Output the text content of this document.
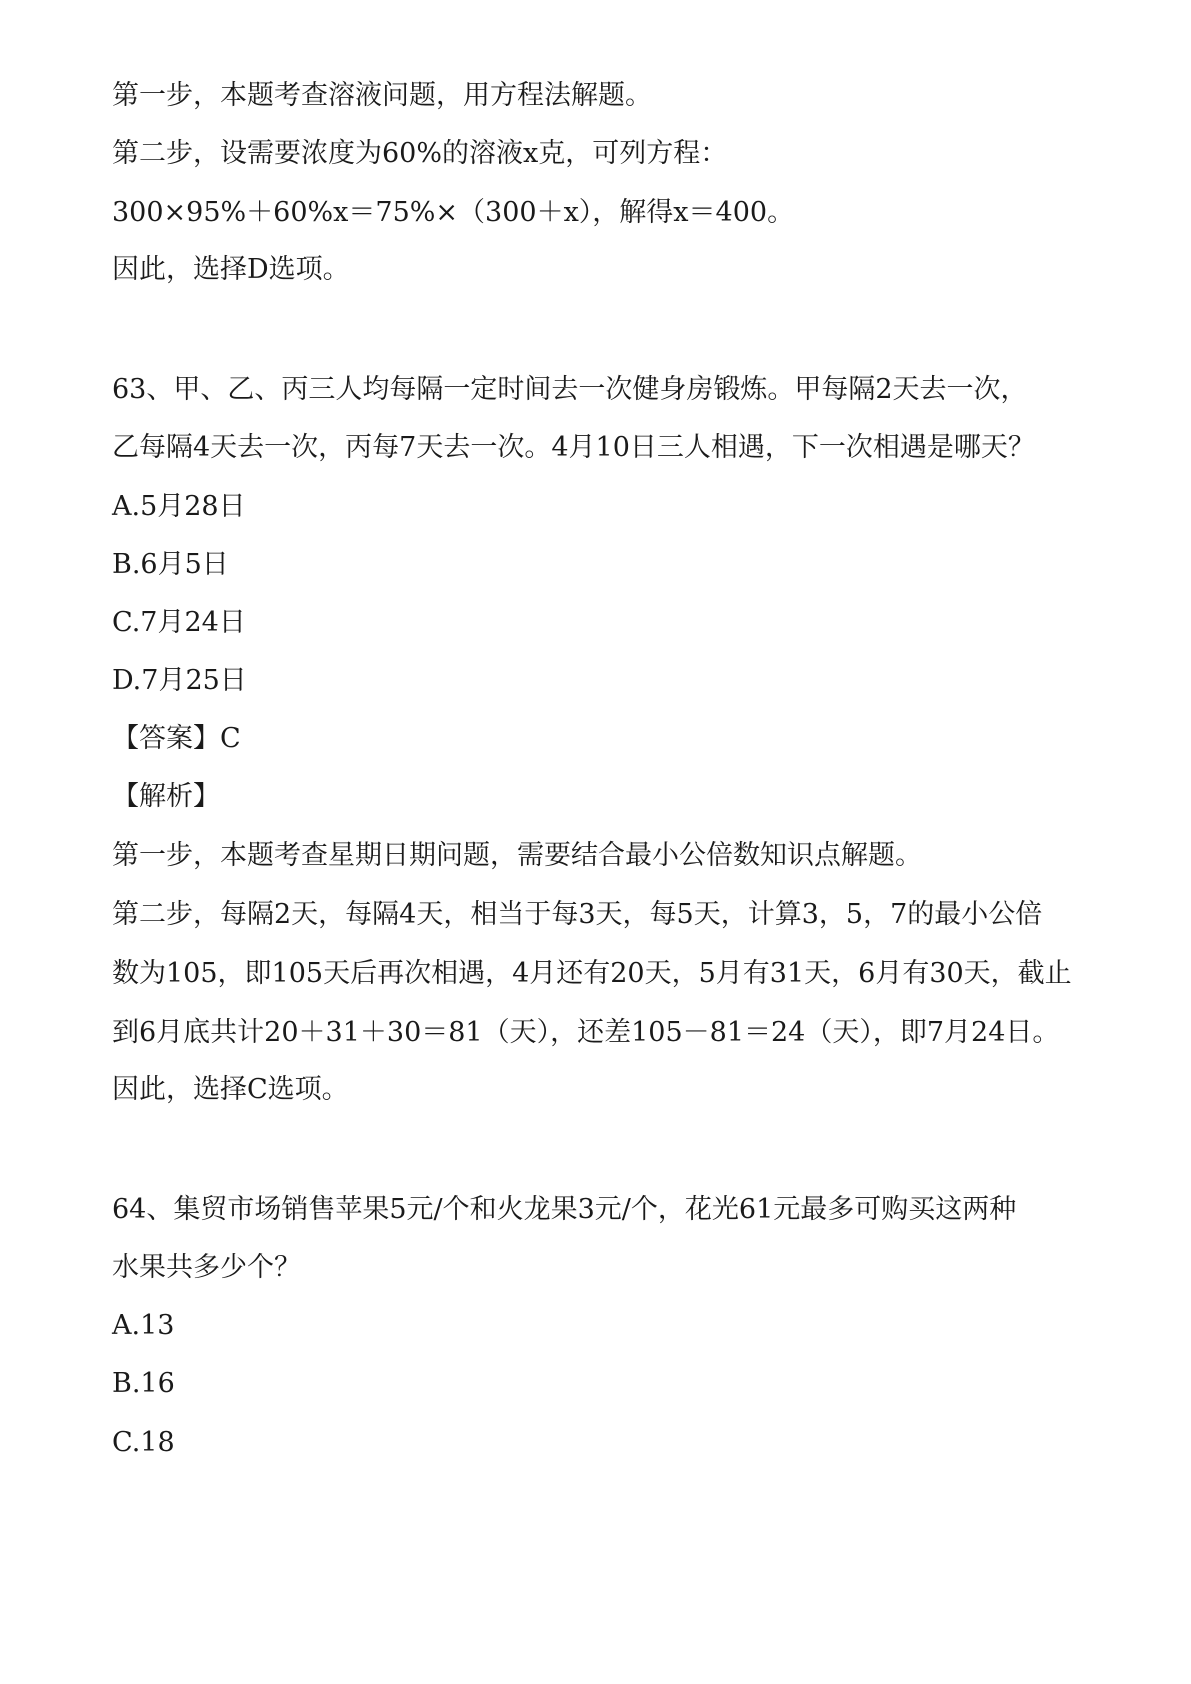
第一步，本题考查溶液问题，用方程法解题。
第二步，设需要浓度为60%的溶液x克，可列方程：
300×95%＋60%x＝75%×（300＋x），解得x＝400。
因此，选择D选项。
63、甲、乙、丙三人均每隔一定时间去一次健身房锻炼。甲每隔2天去一次，
乙每隔4天去一次，丙每7天去一次。4月10日三人相遇，下一次相遇是哪天？
A.5月28日
B.6月5日
C.7月24日
D.7月25日
【答案】C
【解析】
第一步，本题考查星期日期问题，需要结合最小公倍数知识点解题。
第二步，每隔2天，每隔4天，相当于每3天，每5天，计算3，5，7的最小公倍
数为105，即105天后再次相遇，4月还有20天，5月有31天，6月有30天，截止
到6月底共计20＋31＋30＝81（天），还差105－81＝24（天），即7月24日。
因此，选择C选项。
64、集贸市场销售苹果5元/个和火龙果3元/个，花光61元最多可购买这两种
水果共多少个？
A.13
B.16
C.18
